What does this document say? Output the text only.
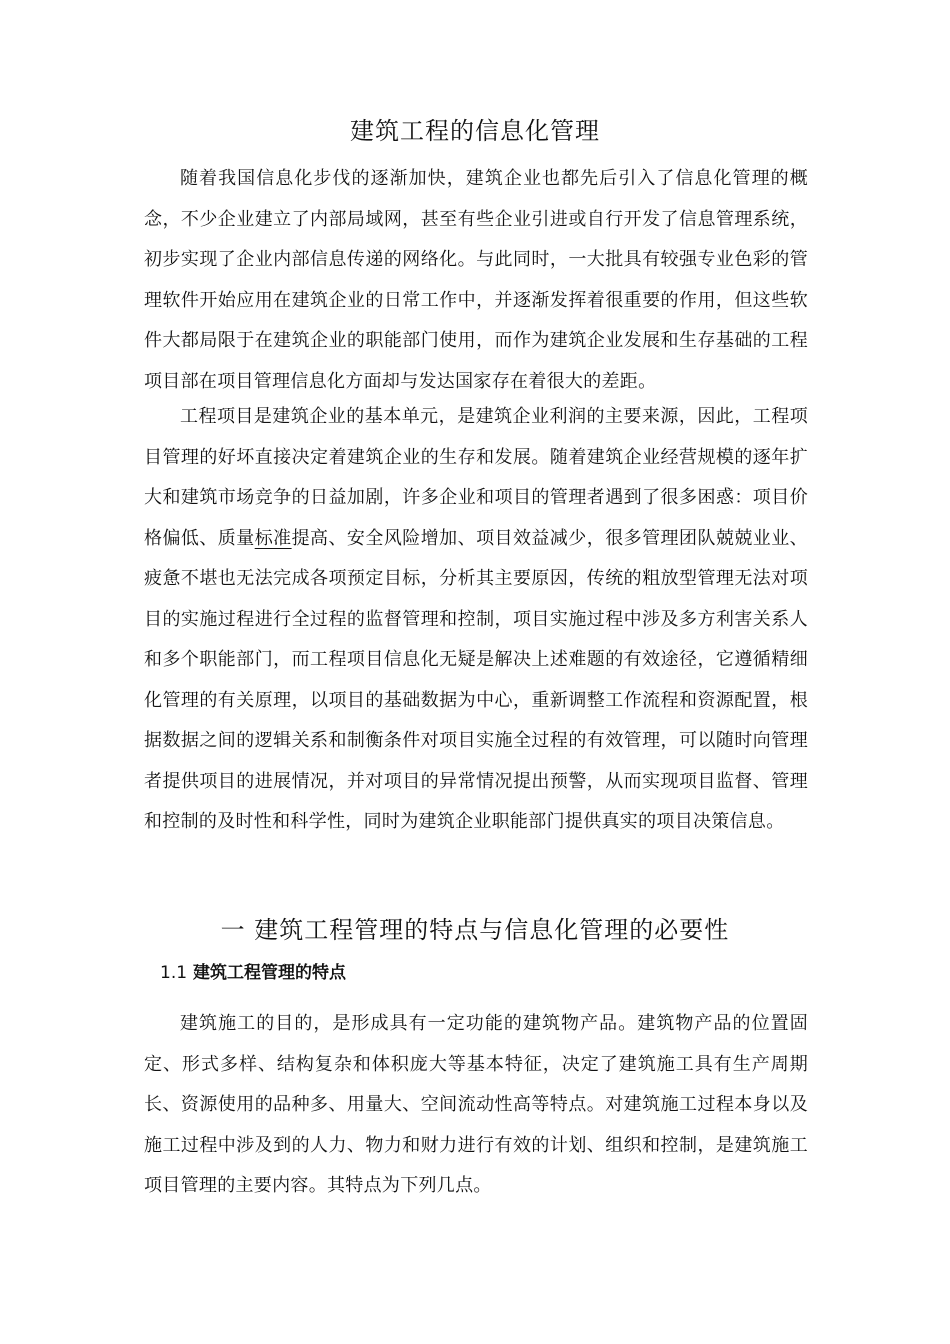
建筑工程的信息化管理

随着我国信息化步伐的逐渐加快，建筑企业也都先后引入了信息化管理的概念，不少企业建立了内部局域网，甚至有些企业引进或自行开发了信息管理系统，初步实现了企业内部信息传递的网络化。与此同时，一大批具有较强专业色彩的管理软件开始应用在建筑企业的日常工作中，并逐渐发挥着很重要的作用，但这些软件大都局限于在建筑企业的职能部门使用，而作为建筑企业发展和生存基础的工程项目部在项目管理信息化方面却与发达国家存在着很大的差距。

工程项目是建筑企业的基本单元，是建筑企业利润的主要来源，因此，工程项目管理的好坏直接决定着建筑企业的生存和发展。随着建筑企业经营规模的逐年扩大和建筑市场竞争的日益加剧，许多企业和项目的管理者遇到了很多困惑：项目价格偏低、质量标准提高、安全风险增加、项目效益减少，很多管理团队兢兢业业、疲惫不堪也无法完成各项预定目标，分析其主要原因，传统的粗放型管理无法对项目的实施过程进行全过程的监督管理和控制，项目实施过程中涉及多方利害关系人和多个职能部门，而工程项目信息化无疑是解决上述难题的有效途径，它遵循精细化管理的有关原理，以项目的基础数据为中心，重新调整工作流程和资源配置，根据数据之间的逻辑关系和制衡条件对项目实施全过程的有效管理，可以随时向管理者提供项目的进展情况，并对项目的异常情况提出预警，从而实现项目监督、管理和控制的及时性和科学性，同时为建筑企业职能部门提供真实的项目决策信息。

一 建筑工程管理的特点与信息化管理的必要性
1.1 建筑工程管理的特点

建筑施工的目的，是形成具有一定功能的建筑物产品。建筑物产品的位置固定、形式多样、结构复杂和体积庞大等基本特征，决定了建筑施工具有生产周期长、资源使用的品种多、用量大、空间流动性高等特点。对建筑施工过程本身以及施工过程中涉及到的人力、物力和财力进行有效的计划、组织和控制，是建筑施工项目管理的主要内容。其特点为下列几点。
